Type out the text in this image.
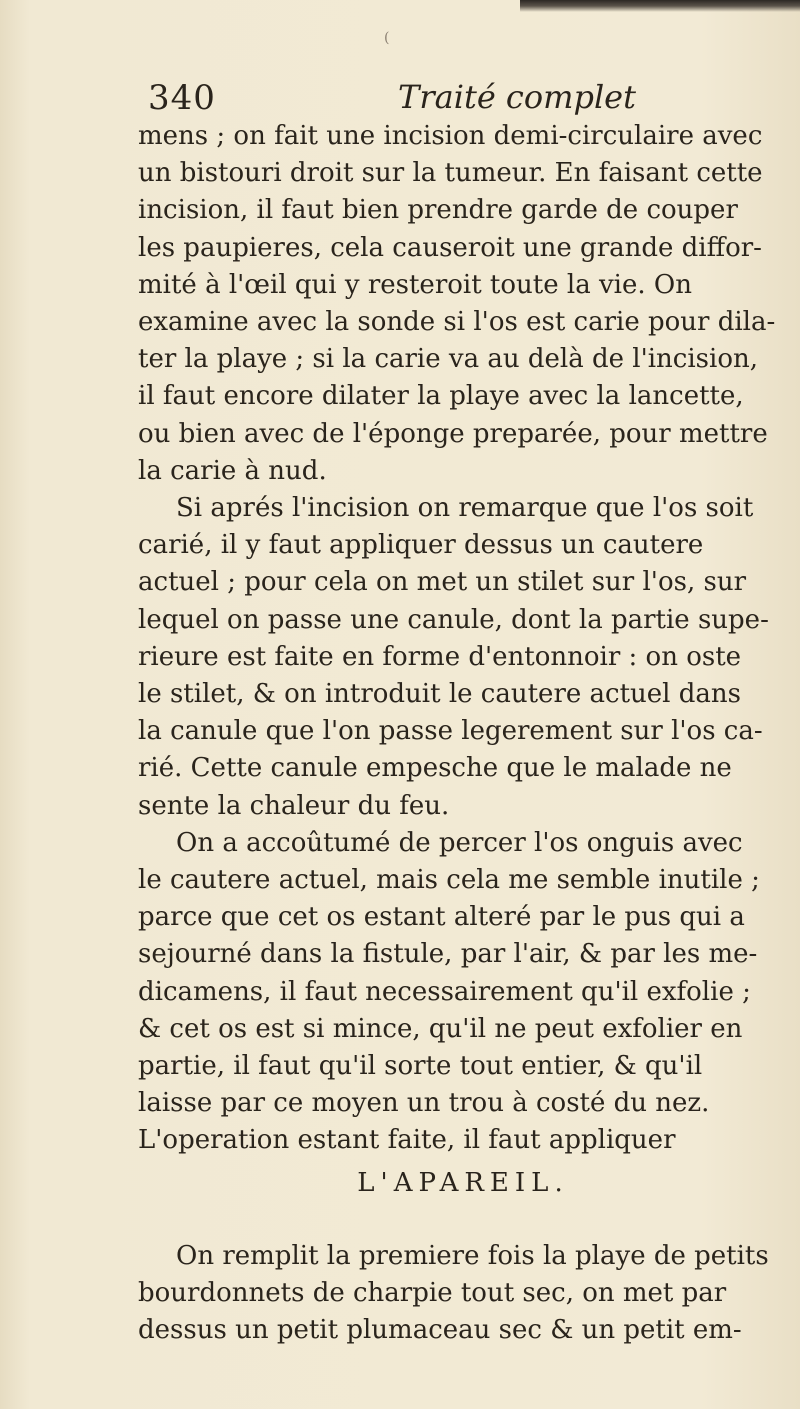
(
340	Traité complet
mens ; on fait une incision demi-circulaire avec
un bistouri droit sur la tumeur. En faisant cette
incision, il faut bien prendre garde de couper
les paupieres, cela causeroit une grande diffor-
mité à l'œil qui y resteroit toute la vie. On
examine avec la sonde si l'os est carie pour dila-
ter la playe ; si la carie va au delà de l'incision,
il faut encore dilater la playe avec la lancette,
ou bien avec de l'éponge preparée, pour mettre
la carie à nud.
Si aprés l'incision on remarque que l'os soit
carié, il y faut appliquer dessus un cautere
actuel ; pour cela on met un stilet sur l'os, sur
lequel on passe une canule, dont la partie supe-
rieure est faite en forme d'entonnoir : on oste
le stilet, & on introduit le cautere actuel dans
la canule que l'on passe legerement sur l'os ca-
rié. Cette canule empesche que le malade ne
sente la chaleur du feu.
On a accoûtumé de percer l'os onguis avec
le cautere actuel, mais cela me semble inutile ;
parce que cet os estant alteré par le pus qui a
sejourné dans la fistule, par l'air, & par les me-
dicamens, il faut necessairement qu'il exfolie ;
& cet os est si mince, qu'il ne peut exfolier en
partie, il faut qu'il sorte tout entier, & qu'il
laisse par ce moyen un trou à costé du nez.
L'operation estant faite, il faut appliquer
L'APAREIL.
On remplit la premiere fois la playe de petits
bourdonnets de charpie tout sec, on met par
dessus un petit plumaceau sec & un petit em-
